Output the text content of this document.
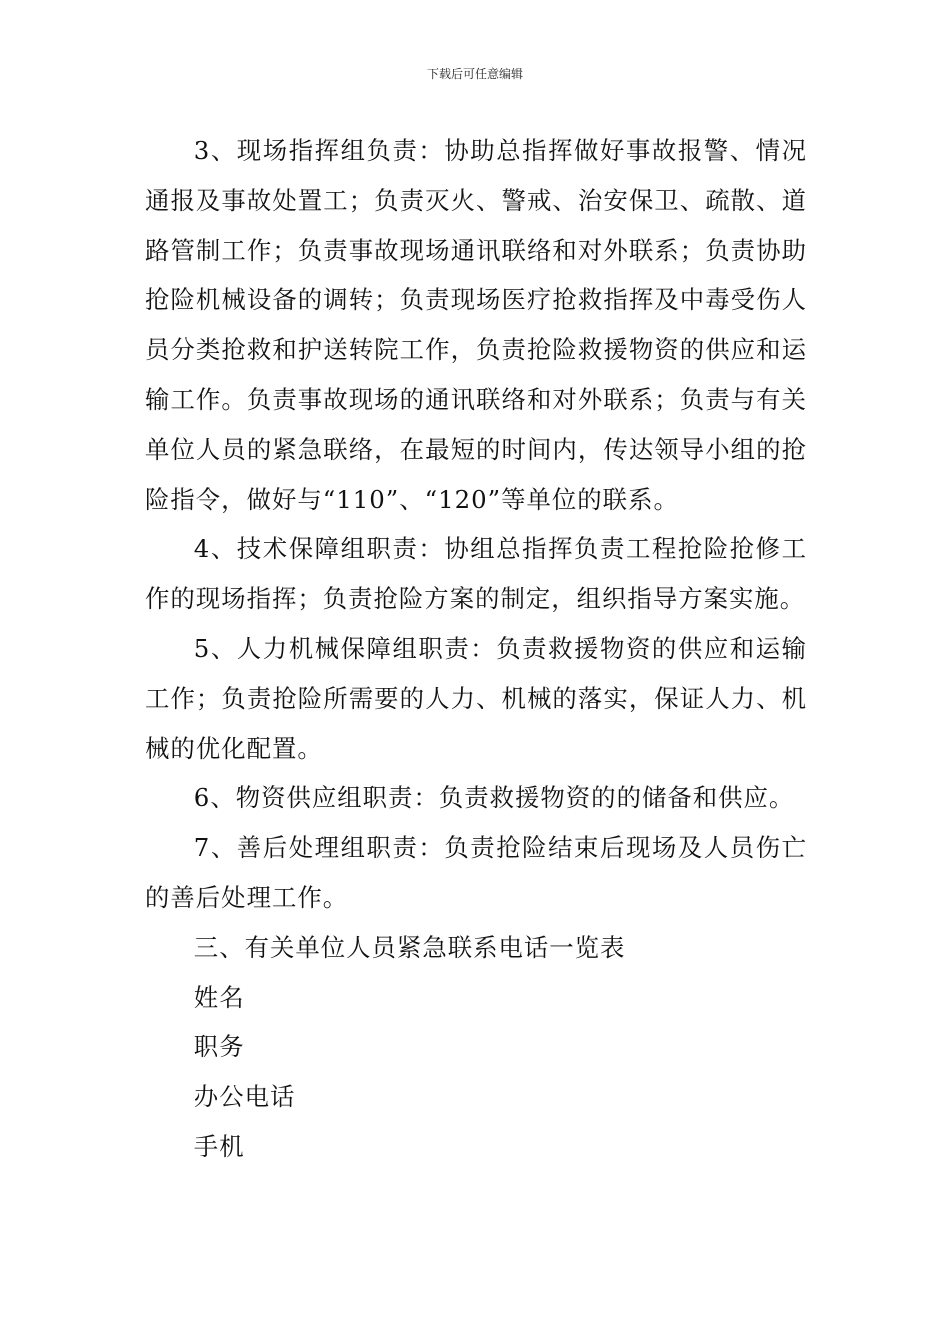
下载后可任意编辑

3、现场指挥组负责：协助总指挥做好事故报警、情况通报及事故处置工；负责灭火、警戒、治安保卫、疏散、道路管制工作；负责事故现场通讯联络和对外联系；负责协助抢险机械设备的调转；负责现场医疗抢救指挥及中毒受伤人员分类抢救和护送转院工作，负责抢险救援物资的供应和运输工作。负责事故现场的通讯联络和对外联系；负责与有关单位人员的紧急联络，在最短的时间内，传达领导小组的抢险指令，做好与“110”、“120”等单位的联系。

4、技术保障组职责：协组总指挥负责工程抢险抢修工作的现场指挥；负责抢险方案的制定，组织指导方案实施。

5、人力机械保障组职责：负责救援物资的供应和运输工作；负责抢险所需要的人力、机械的落实，保证人力、机械的优化配置。

6、物资供应组职责：负责救援物资的的储备和供应。

7、善后处理组职责：负责抢险结束后现场及人员伤亡的善后处理工作。

三、有关单位人员紧急联系电话一览表

姓名

职务

办公电话

手机
